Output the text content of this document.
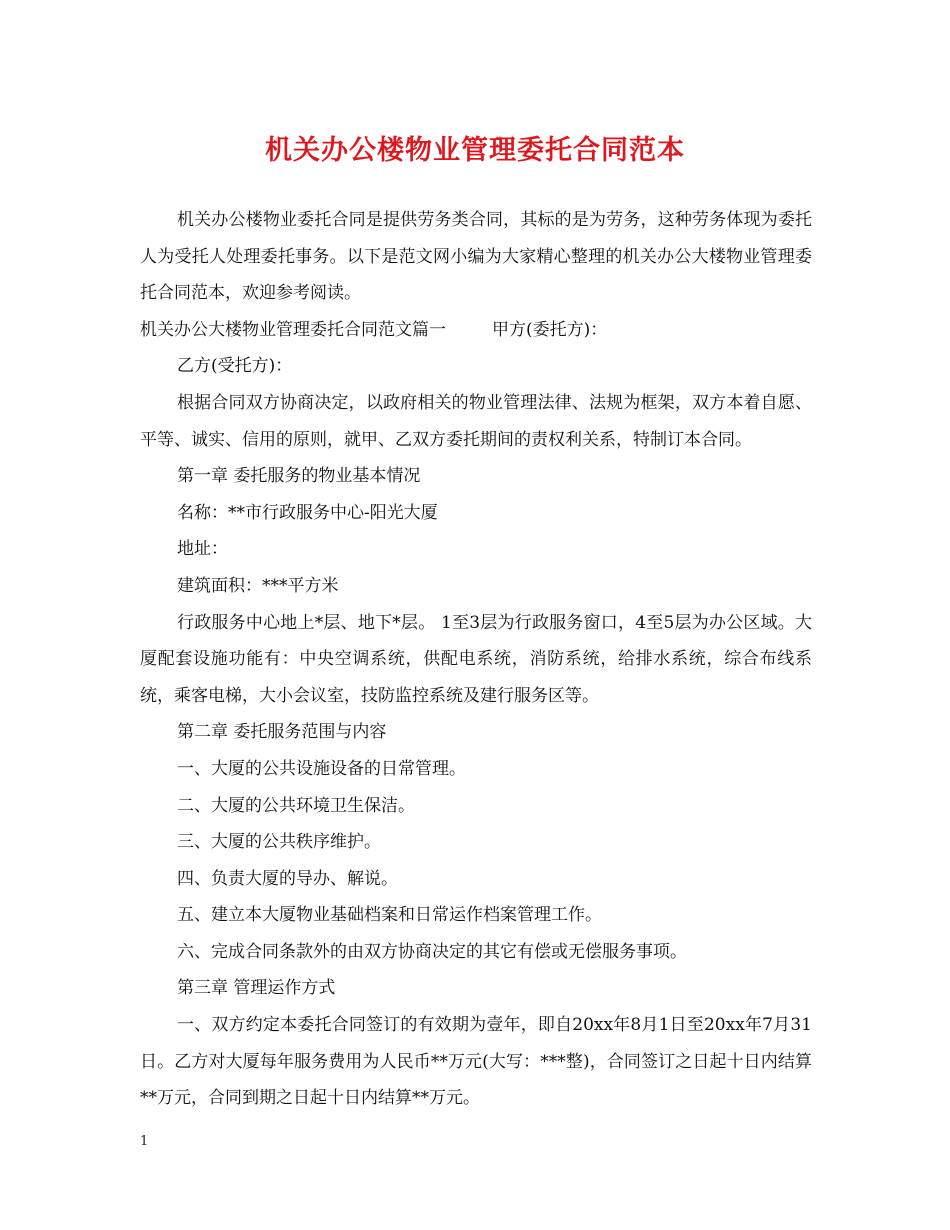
机关办公楼物业管理委托合同范本

机关办公楼物业委托合同是提供劳务类合同，其标的是为劳务，这种劳务体现为委托人为受托人处理委托事务。以下是范文网小编为大家精心整理的机关办公大楼物业管理委托合同范本，欢迎参考阅读。

机关办公大楼物业管理委托合同范文篇一	甲方(委托方)：

乙方(受托方)：

根据合同双方协商决定，以政府相关的物业管理法律、法规为框架，双方本着自愿、平等、诚实、信用的原则，就甲、乙双方委托期间的责权利关系，特制订本合同。

第一章 委托服务的物业基本情况

名称：**市行政服务中心-阳光大厦

地址：

建筑面积：***平方米

行政服务中心地上*层、地下*层。 1至3层为行政服务窗口，4至5层为办公区域。大厦配套设施功能有：中央空调系统，供配电系统，消防系统，给排水系统，综合布线系统，乘客电梯，大小会议室，技防监控系统及建行服务区等。

第二章 委托服务范围与内容

一、大厦的公共设施设备的日常管理。

二、大厦的公共环境卫生保洁。

三、大厦的公共秩序维护。

四、负责大厦的导办、解说。

五、建立本大厦物业基础档案和日常运作档案管理工作。

六、完成合同条款外的由双方协商决定的其它有偿或无偿服务事项。

第三章 管理运作方式

一、双方约定本委托合同签订的有效期为壹年，即自20xx年8月1日至20xx年7月31日。乙方对大厦每年服务费用为人民币**万元(大写：***整)，合同签订之日起十日内结算**万元，合同到期之日起十日内结算**万元。

1
